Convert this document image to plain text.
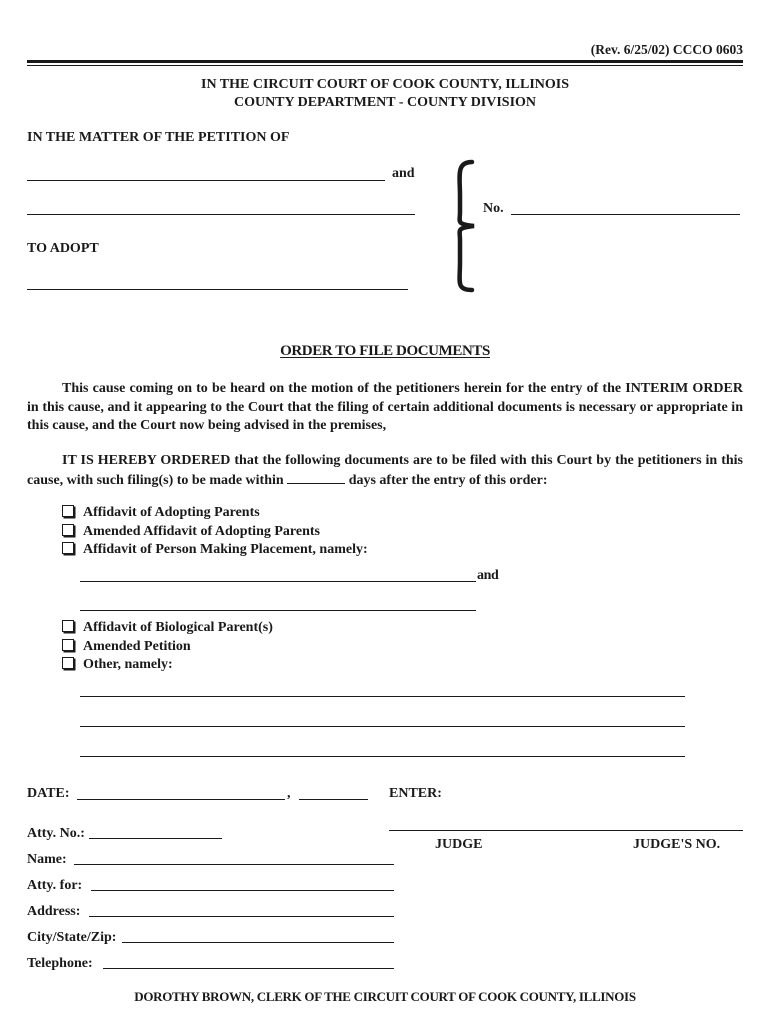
(Rev. 6/25/02) CCCO 0603
IN THE CIRCUIT COURT OF COOK COUNTY, ILLINOIS
COUNTY DEPARTMENT - COUNTY DIVISION
IN THE MATTER OF THE PETITION OF
and
No.
TO ADOPT
ORDER TO FILE DOCUMENTS
This cause coming on to be heard on the motion of the petitioners herein for the entry of the INTERIM ORDER in this cause, and it appearing to the Court that the filing of certain additional documents is necessary or appropriate in this cause, and the Court now being advised in the premises,
IT IS HEREBY ORDERED that the following documents are to be filed with this Court by the petitioners in this cause, with such filing(s) to be made within	days after the entry of this order:
Affidavit of Adopting Parents
Amended Affidavit of Adopting Parents
Affidavit of Person Making Placement, namely:
and
Affidavit of Biological Parent(s)
Amended Petition
Other, namely:
DATE:	,	ENTER:
JUDGE	JUDGE'S NO.
Atty. No.:
Name:
Atty. for:
Address:
City/State/Zip:
Telephone:
DOROTHY BROWN, CLERK OF THE CIRCUIT COURT OF COOK COUNTY, ILLINOIS
